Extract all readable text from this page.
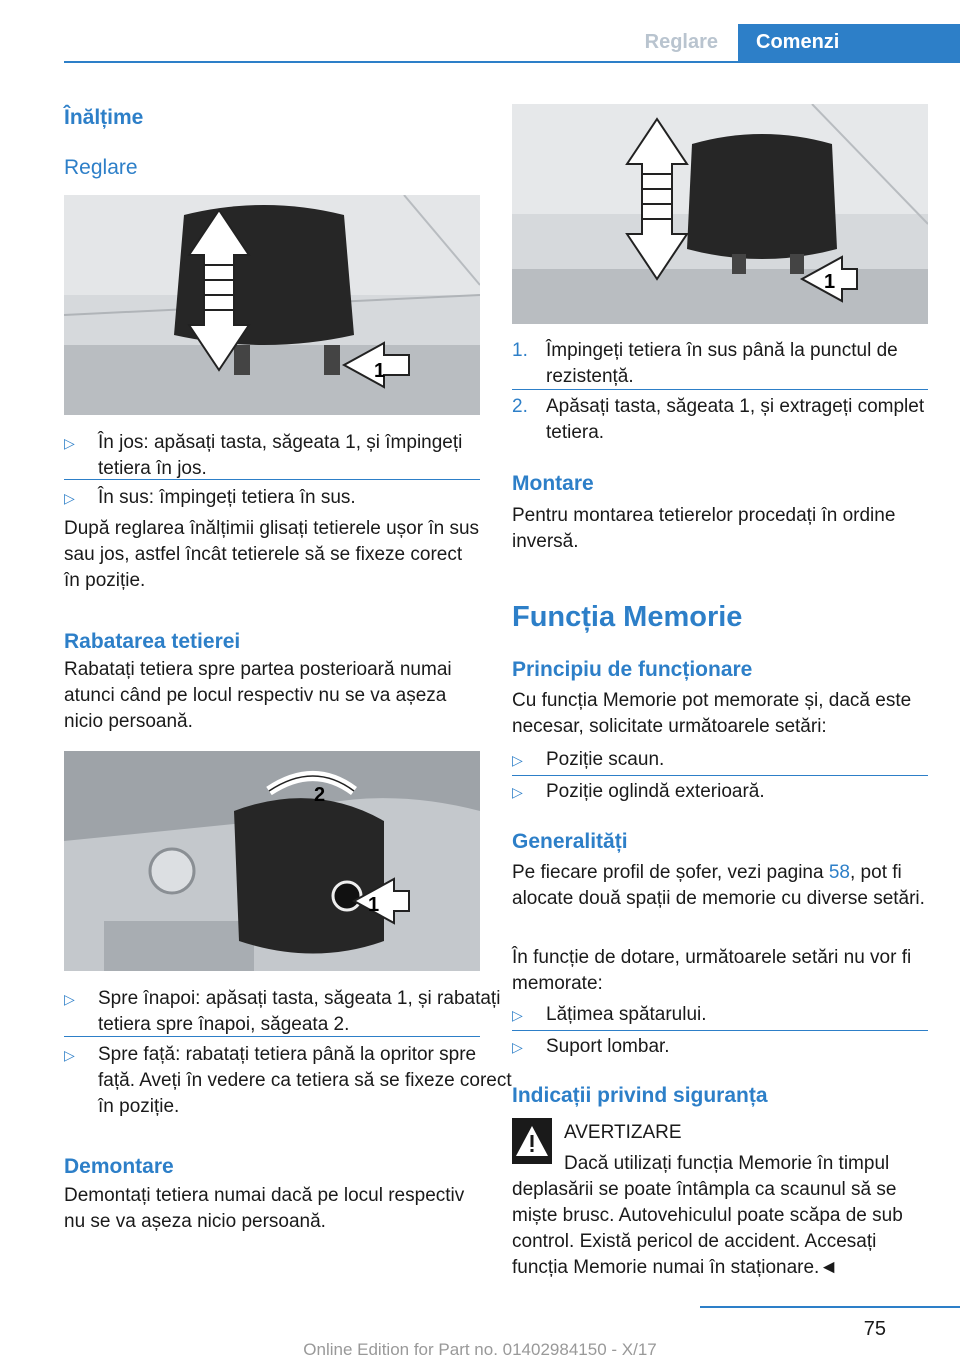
Reglare	Comenzi
Înălțime
Reglare
1
▷ În jos: apăsați tasta, săgeata 1, și împingeți tetiera în jos.
▷ În sus: împingeți tetiera în sus.

După reglarea înălțimii glisați tetierele ușor în sus sau jos, astfel încât tetierele să se fixeze corect în poziție.

Rabatarea tetierei

Rabatați tetiera spre partea posterioară numai atunci când pe locul respectiv nu se va așeza nicio persoană.

2
1
▷ Spre înapoi: apăsați tasta, săgeata 1, și rabatați tetiera spre înapoi, săgeata 2.
▷ Spre față: rabatați tetiera până la opritor spre față. Aveți în vedere ca tetiera să se fixeze corect în poziție.
Demontare

Demontați tetiera numai dacă pe locul respectiv nu se va așeza nicio persoană.

1
1. Împingeți tetiera în sus până la punctul de rezistență.
2. Apăsați tasta, săgeata 1, și extrageți complet tetiera.
Montare

Pentru montarea tetierelor procedați în ordine inversă.

Funcția Memorie
Principiu de funcționare

Cu funcția Memorie pot memorate și, dacă este necesar, solicitate următoarele setări:

▷ Poziție scaun.
▷ Poziție oglindă exterioară.
Generalități

Pe fiecare profil de șofer, vezi pagina 58, pot fi alocate două spații de memorie cu diverse setări.

În funcție de dotare, următoarele setări nu vor fi memorate:

▷ Lățimea spătarului.
▷ Suport lombar.
Indicații privind siguranța
AVERTIZARE
Dacă utilizați funcția Memorie în timpul deplasării se poate întâmpla ca scaunul să se miște brusc. Autovehiculul poate scăpa de sub control. Există pericol de accident. Accesați funcția Memorie numai în staționare.◄
75
Online Edition for Part no. 01402984150 - X/17
